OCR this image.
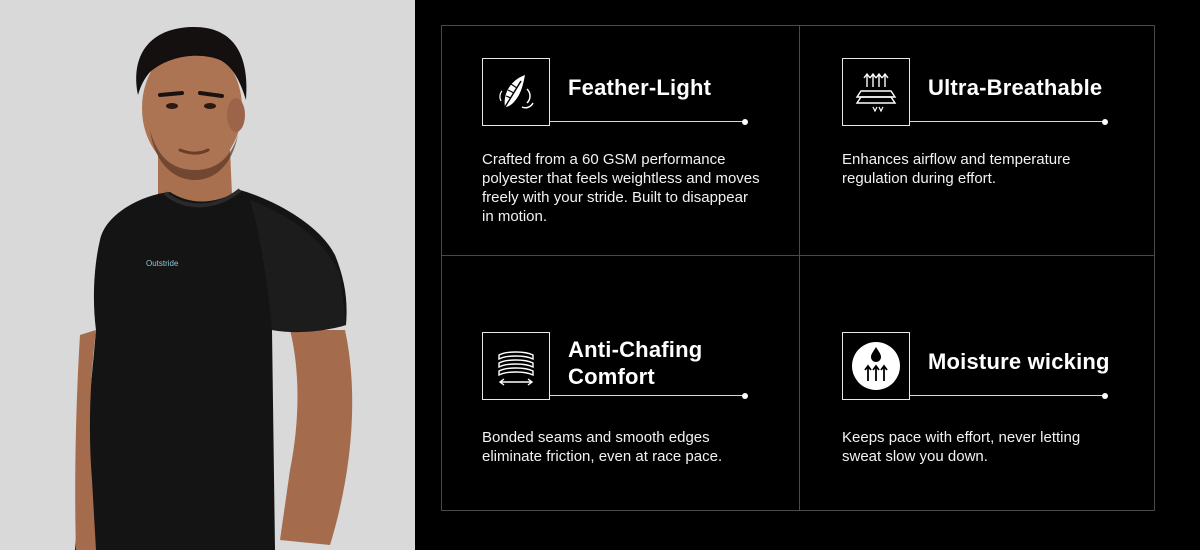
Outstride
Feather-Light
Crafted from a 60 GSM performance polyester that feels weightless and moves freely with your stride. Built to disappear in motion.
Ultra-Breathable
Enhances airflow and temperature regulation during effort.
Anti-Chafing
Comfort
Bonded seams and smooth edges eliminate friction, even at race pace.
Moisture wicking
Keeps pace with effort, never letting sweat slow you down.
